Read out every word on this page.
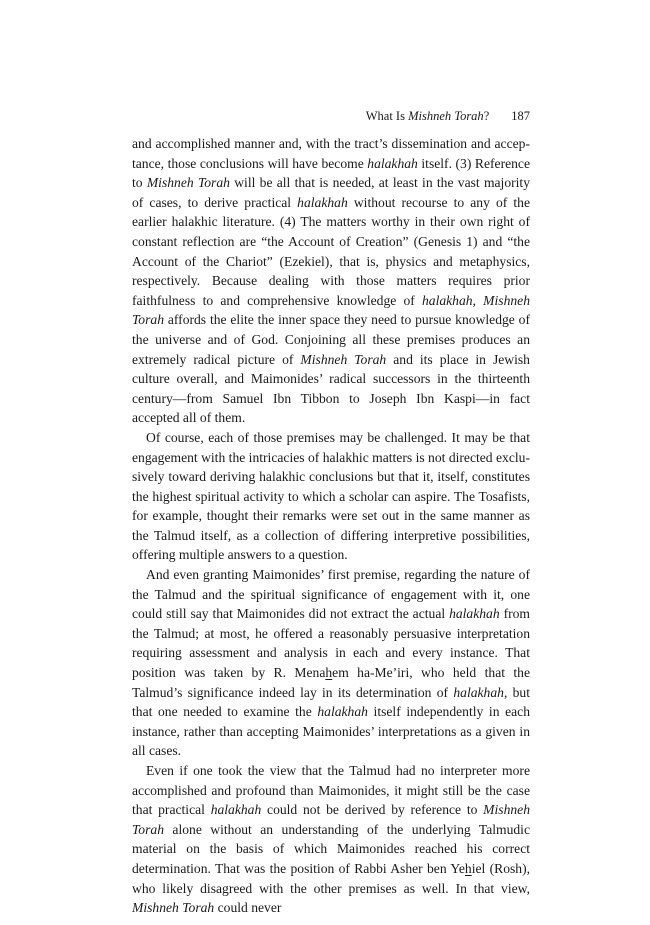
What Is Mishneh Torah? 187

and accomplished manner and, with the tract’s dissemination and acceptance, those conclusions will have become halakhah itself. (3) Reference to Mishneh Torah will be all that is needed, at least in the vast majority of cases, to derive practical halakhah without recourse to any of the earlier halakhic literature. (4) The matters worthy in their own right of constant reflection are “the Account of Creation” (Genesis 1) and “the Account of the Chariot” (Ezekiel), that is, physics and metaphysics, respectively. Because dealing with those matters requires prior faithfulness to and comprehensive knowledge of halakhah, Mishneh Torah affords the elite the inner space they need to pursue knowledge of the universe and of God. Conjoining all these premises produces an extremely radical picture of Mishneh Torah and its place in Jewish culture overall, and Maimonides’ radical successors in the thirteenth century—from Samuel Ibn Tibbon to Joseph Ibn Kaspi—in fact accepted all of them.

Of course, each of those premises may be challenged. It may be that engagement with the intricacies of halakhic matters is not directed exclusively toward deriving halakhic conclusions but that it, itself, constitutes the highest spiritual activity to which a scholar can aspire. The Tosafists, for example, thought their remarks were set out in the same manner as the Talmud itself, as a collection of differing interpretive possibilities, offering multiple answers to a question.

And even granting Maimonides’ first premise, regarding the nature of the Talmud and the spiritual significance of engagement with it, one could still say that Maimonides did not extract the actual halakhah from the Talmud; at most, he offered a reasonably persuasive interpretation requiring assessment and analysis in each and every instance. That position was taken by R. Menahem ha-Me’iri, who held that the Talmud’s significance indeed lay in its determination of halakhah, but that one needed to examine the halakhah itself independently in each instance, rather than accepting Maimonides’ interpretations as a given in all cases.

Even if one took the view that the Talmud had no interpreter more accomplished and profound than Maimonides, it might still be the case that practical halakhah could not be derived by reference to Mishneh Torah alone without an understanding of the underlying Talmudic material on the basis of which Maimonides reached his correct determination. That was the position of Rabbi Asher ben Yehiel (Rosh), who likely disagreed with the other premises as well. In that view, Mishneh Torah could never
